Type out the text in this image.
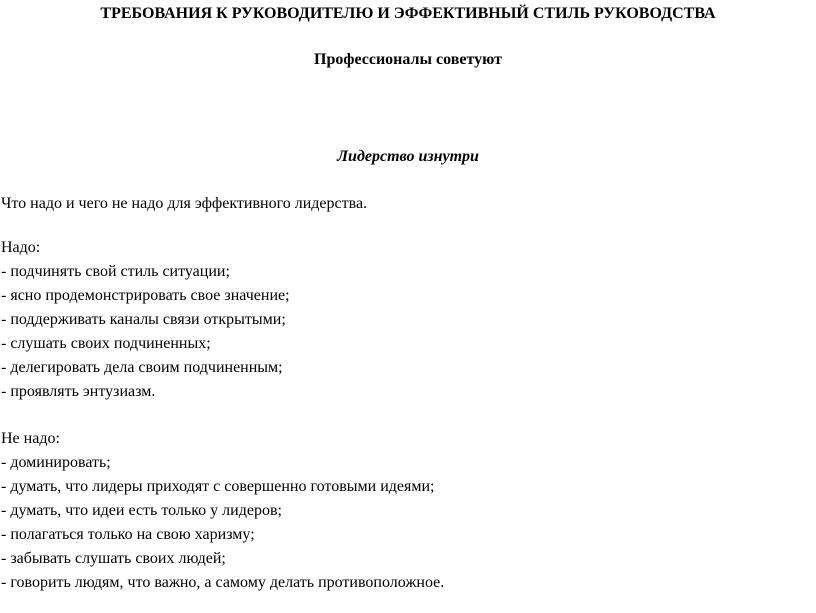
ТРЕБОВАНИЯ К РУКОВОДИТЕЛЮ И ЭФФЕКТИВНЫЙ СТИЛЬ РУКОВОДСТВА
Профессионалы советуют
Лидерство изнутри
Что надо и чего не надо для эффективного лидерства.
Надо:
- подчинять свой стиль ситуации;
- ясно продемонстрировать свое значение;
- поддерживать каналы связи открытыми;
- слушать своих подчиненных;
- делегировать дела своим подчиненным;
- проявлять энтузиазм.
Не надо:
- доминировать;
- думать, что лидеры приходят с совершенно готовыми идеями;
- думать, что идеи есть только у лидеров;
- полагаться только на свою харизму;
- забывать слушать своих людей;
- говорить людям, что важно, а самому делать противоположное.
